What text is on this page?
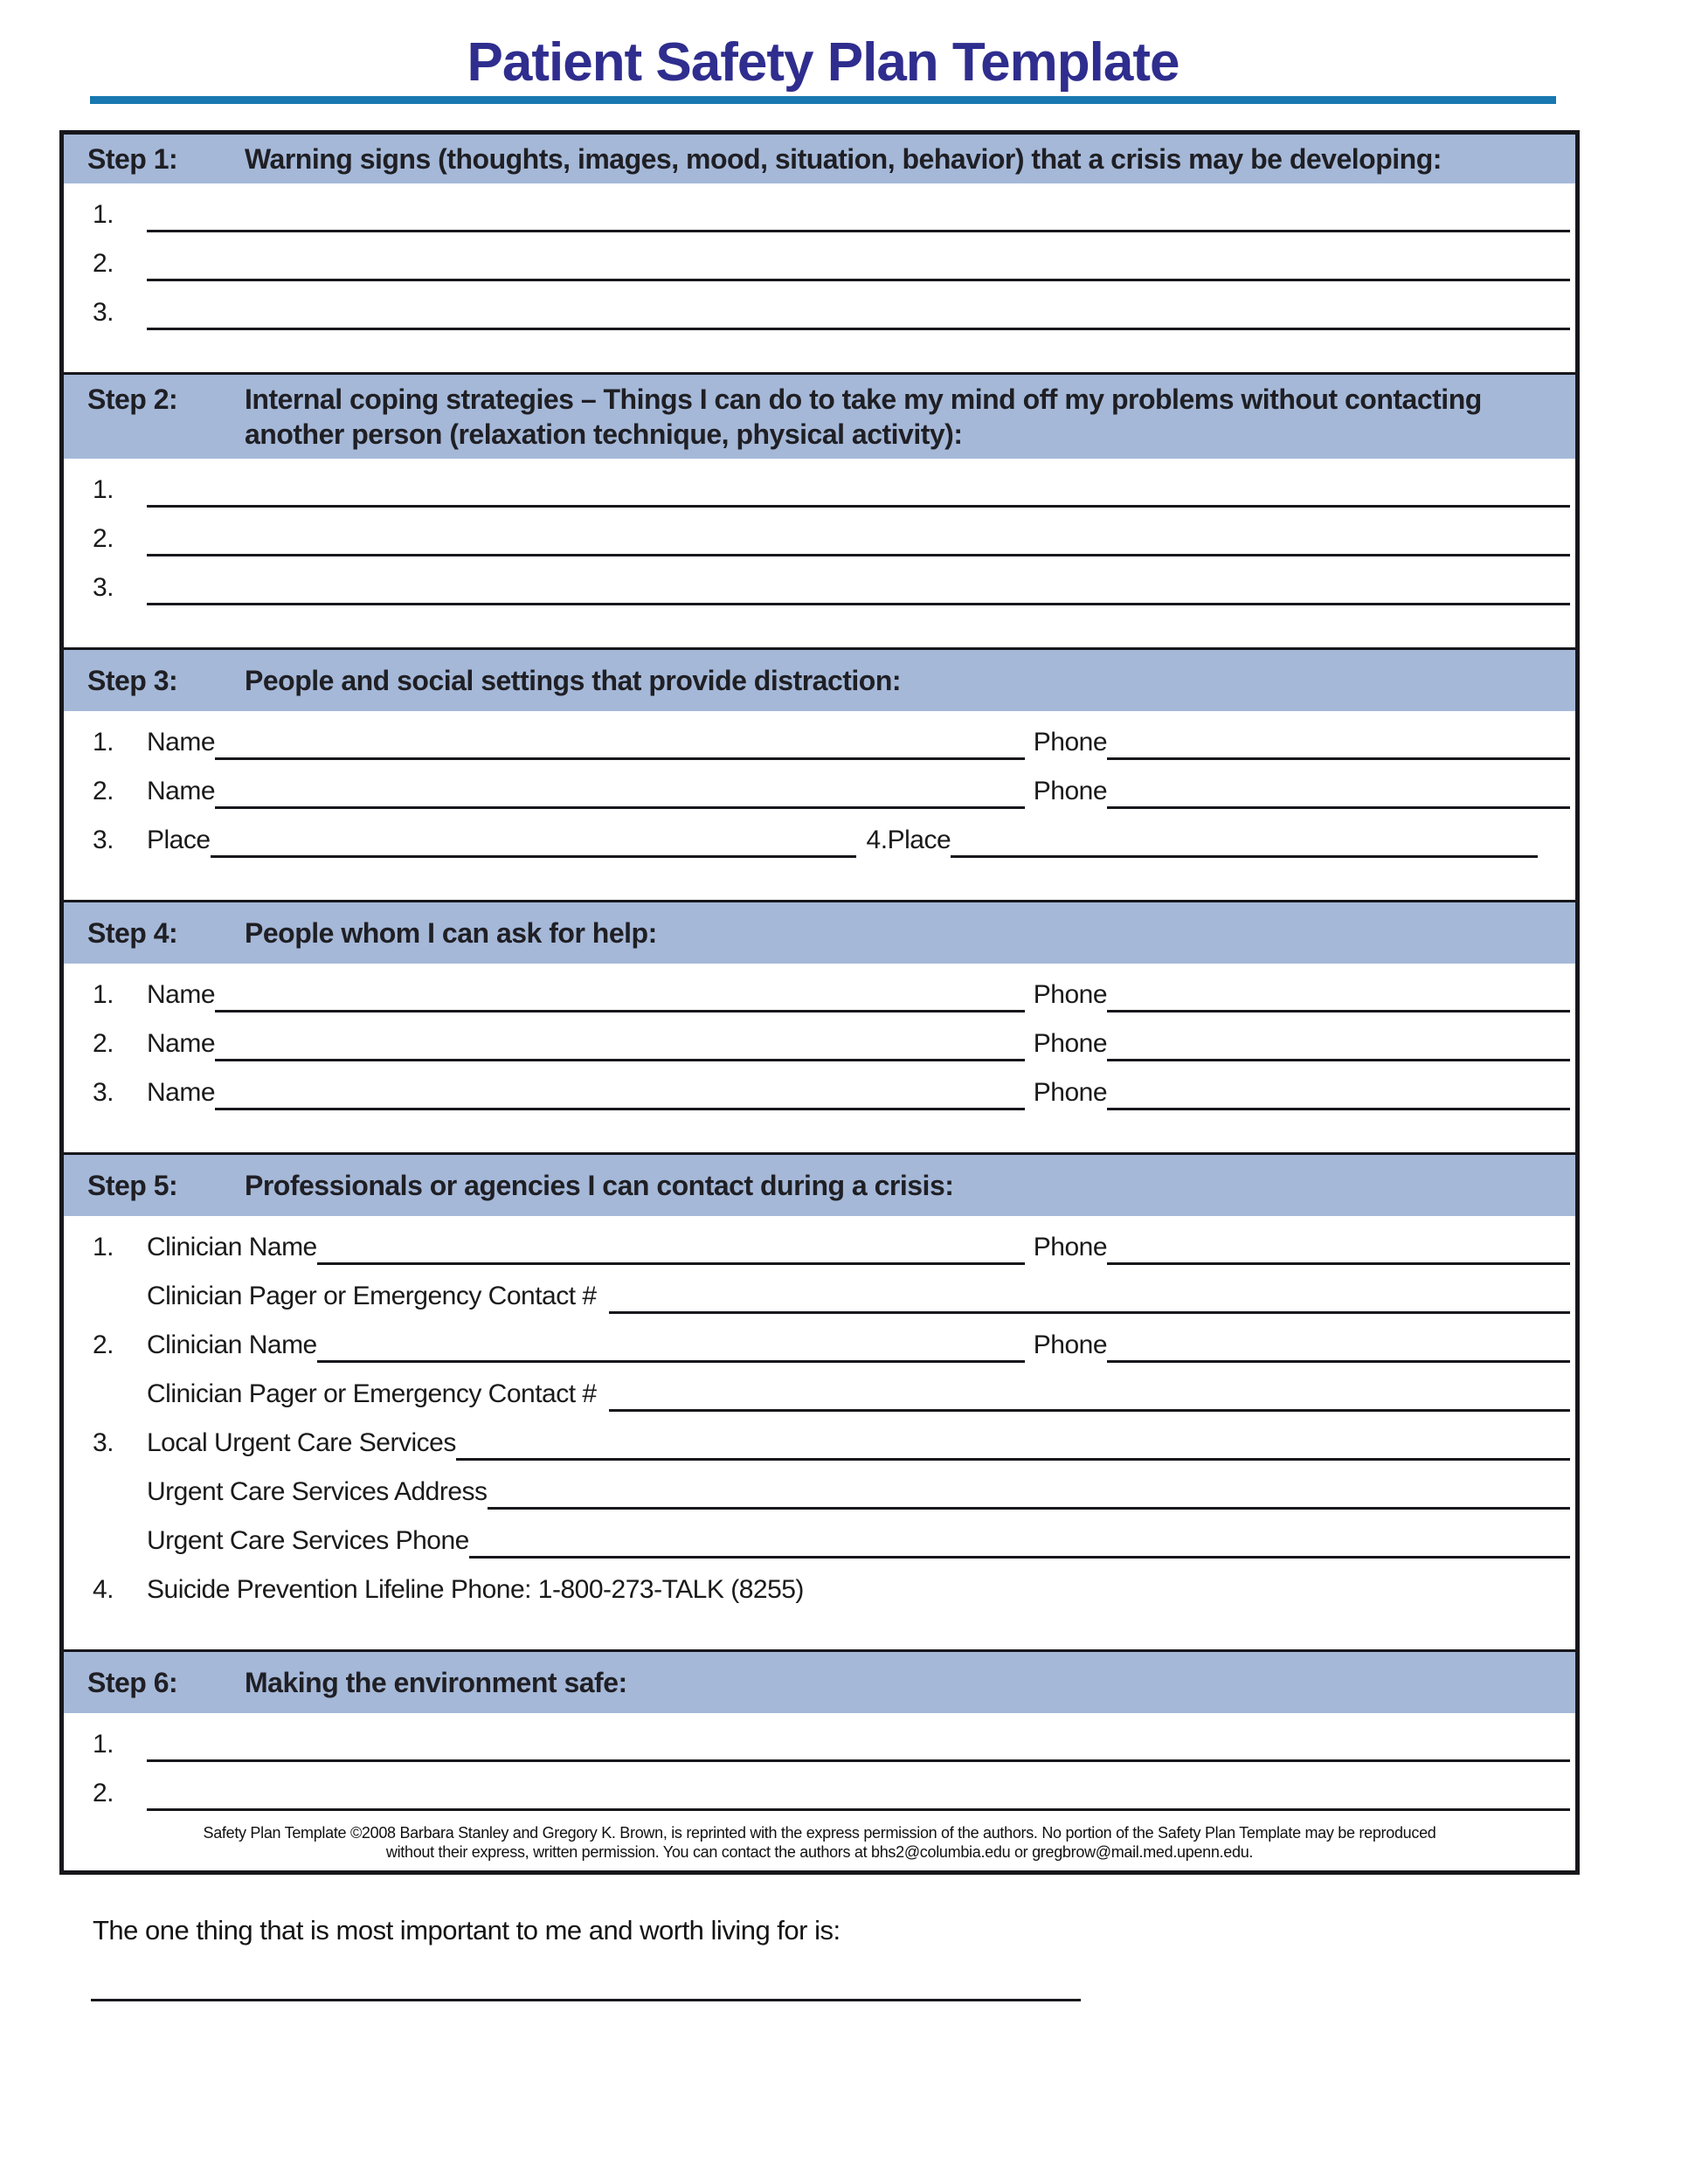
Patient Safety Plan Template
Step 1:	Warning signs (thoughts, images, mood, situation, behavior) that a crisis may be developing:
1.
2.
3.
Step 2:	Internal coping strategies – Things I can do to take my mind off my problems without contacting another person (relaxation technique, physical activity):
1.
2.
3.
Step 3:	People and social settings that provide distraction:
1.	Name	Phone
2.	Name	Phone
3.	Place	4. Place
Step 4:	People whom I can ask for help:
1.	Name	Phone
2.	Name	Phone
3.	Name	Phone
Step 5:	Professionals or agencies I can contact during a crisis:
1.	Clinician Name	Phone
Clinician Pager or Emergency Contact #
2.	Clinician Name	Phone
Clinician Pager or Emergency Contact #
3.	Local Urgent Care Services
Urgent Care Services Address
Urgent Care Services Phone
4.	Suicide Prevention Lifeline Phone: 1-800-273-TALK (8255)
Step 6:	Making the environment safe:
1.
2.
Safety Plan Template ©2008 Barbara Stanley and Gregory K. Brown, is reprinted with the express permission of the authors. No portion of the Safety Plan Template may be reproduced
without their express, written permission. You can contact the authors at bhs2@columbia.edu or gregbrow@mail.med.upenn.edu.
The one thing that is most important to me and worth living for is:
